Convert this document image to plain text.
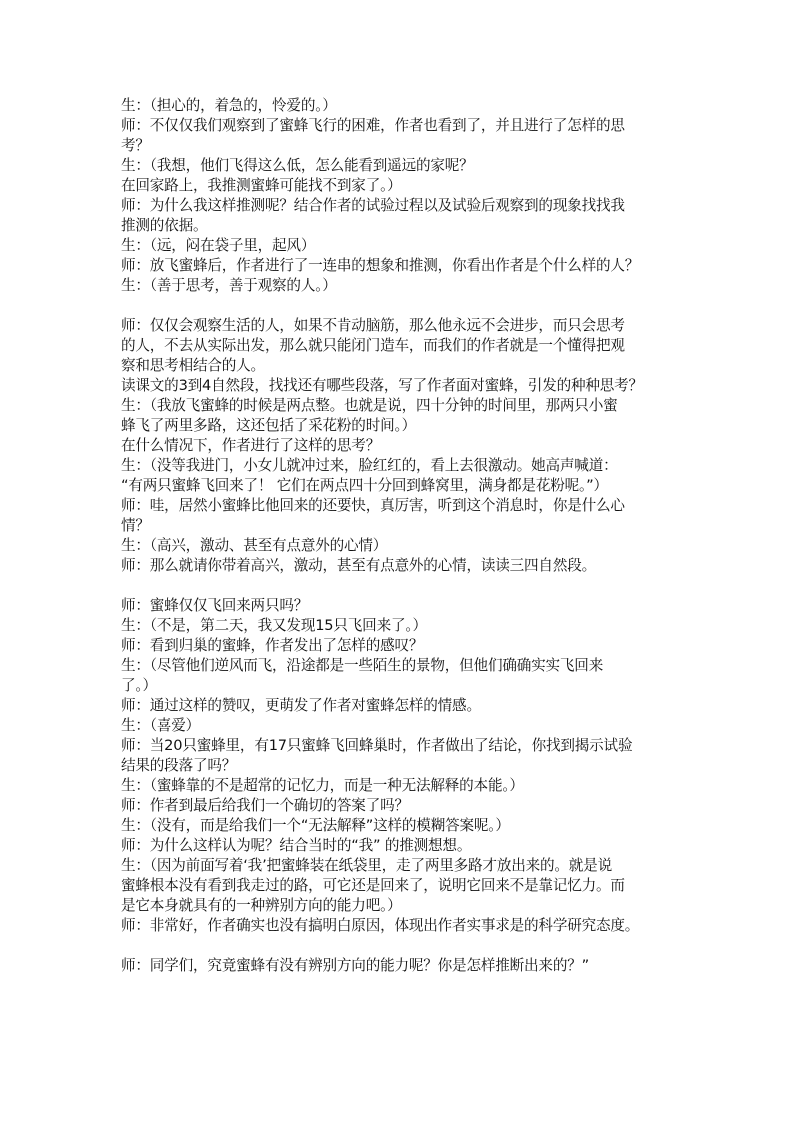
生：（担心的，着急的，怜爱的。）
师：不仅仅我们观察到了蜜蜂飞行的困难，作者也看到了，并且进行了怎样的思
考？
生：（我想，他们飞得这么低，怎么能看到遥远的家呢？
在回家路上，我推测蜜蜂可能找不到家了。）
师：为什么我这样推测呢？结合作者的试验过程以及试验后观察到的现象找找我
推测的依据。
生：（远，闷在袋子里，起风）
师：放飞蜜蜂后，作者进行了一连串的想象和推测，你看出作者是个什么样的人？
生：（善于思考，善于观察的人。）
师：仅仅会观察生活的人，如果不肯动脑筋，那么他永远不会进步，而只会思考
的人，不去从实际出发，那么就只能闭门造车，而我们的作者就是一个懂得把观
察和思考相结合的人。
读课文的3到4自然段，找找还有哪些段落，写了作者面对蜜蜂，引发的种种思考？
生：（我放飞蜜蜂的时候是两点整。也就是说，四十分钟的时间里，那两只小蜜
蜂飞了两里多路，这还包括了采花粉的时间。）
在什么情况下，作者进行了这样的思考？
生：（没等我进门，小女儿就冲过来，脸红红的，看上去很激动。她高声喊道：
“有两只蜜蜂飞回来了！ 它们在两点四十分回到蜂窝里，满身都是花粉呢。”）
师：哇，居然小蜜蜂比他回来的还要快，真厉害，听到这个消息时，你是什么心
情？
生：（高兴，激动、甚至有点意外的心情）
师：那么就请你带着高兴，激动，甚至有点意外的心情，读读三四自然段。
师：蜜蜂仅仅飞回来两只吗？
生：（不是，第二天，我又发现15只飞回来了。）
师：看到归巢的蜜蜂，作者发出了怎样的感叹？
生：（尽管他们逆风而飞，沿途都是一些陌生的景物，但他们确确实实飞回来
了。）
师：通过这样的赞叹，更萌发了作者对蜜蜂怎样的情感。
生：（喜爱）
师：当20只蜜蜂里，有17只蜜蜂飞回蜂巢时，作者做出了结论，你找到揭示试验
结果的段落了吗？
生：（蜜蜂靠的不是超常的记忆力，而是一种无法解释的本能。）
师：作者到最后给我们一个确切的答案了吗？
生：（没有，而是给我们一个“无法解释”这样的模糊答案呢。）
师：为什么这样认为呢？结合当时的“我” 的推测想想。
生：（因为前面写着‘我’把蜜蜂装在纸袋里，走了两里多路才放出来的。就是说
蜜蜂根本没有看到我走过的路，可它还是回来了，说明它回来不是靠记忆力。而
是它本身就具有的一种辨别方向的能力吧。）
师：非常好，作者确实也没有搞明白原因，体现出作者实事求是的科学研究态度。
师：同学们，究竟蜜蜂有没有辨别方向的能力呢？你是怎样推断出来的？”
